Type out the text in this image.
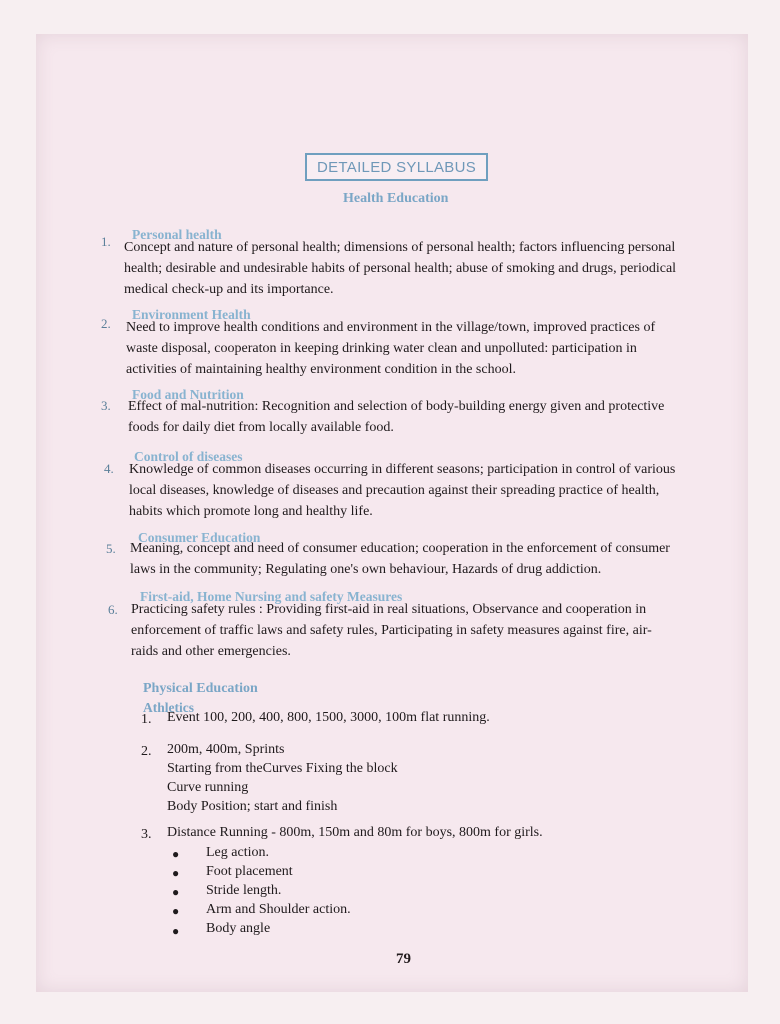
DETAILED SYLLABUS
Health Education
1. Personal health
Concept and nature of personal health; dimensions of personal health; factors influencing personal
health; desirable and undesirable habits of personal health; abuse of smoking and drugs, periodical
medical check-up and its importance.
2.
Environment Health
Need to improve health conditions and environment in the village/town, improved practices of
waste disposal, cooperaton in keeping drinking water clean and unpolluted: participation in
activities of maintaining healthy environment condition in the school.
3.
Food and Nutrition
Effect of mal-nutrition: Recognition and selection of body-building energy given and protective
foods for daily diet from locally available food.
4.
Control of diseases
Knowledge of common diseases occurring in different seasons; participation in control of various
local diseases, knowledge of diseases and precaution against their spreading practice of health,
habits which promote long and healthy life.
5.
Consumer Education
Meaning, concept and need of consumer education; cooperation in the enforcement of consumer
laws in the community; Regulating one's own behaviour, Hazards of drug addiction.
6.
First-aid, Home Nursing and safety Measures
Practicing safety rules : Providing first-aid in real situations, Observance and cooperation in
enforcement of traffic laws and safety rules, Participating in safety measures against fire, air-
raids and other emergencies.
Physical Education
Athletics
1. Event 100, 200, 400, 800, 1500, 3000, 100m flat running.
2. 200m, 400m, Sprints
Starting from theCurves Fixing the block
Curve running
Body Position; start and finish
3. Distance Running - 800m, 150m and 80m for boys, 800m for girls.
● Leg action.
● Foot placement
● Stride length.
● Arm and Shoulder action.
● Body angle
79
